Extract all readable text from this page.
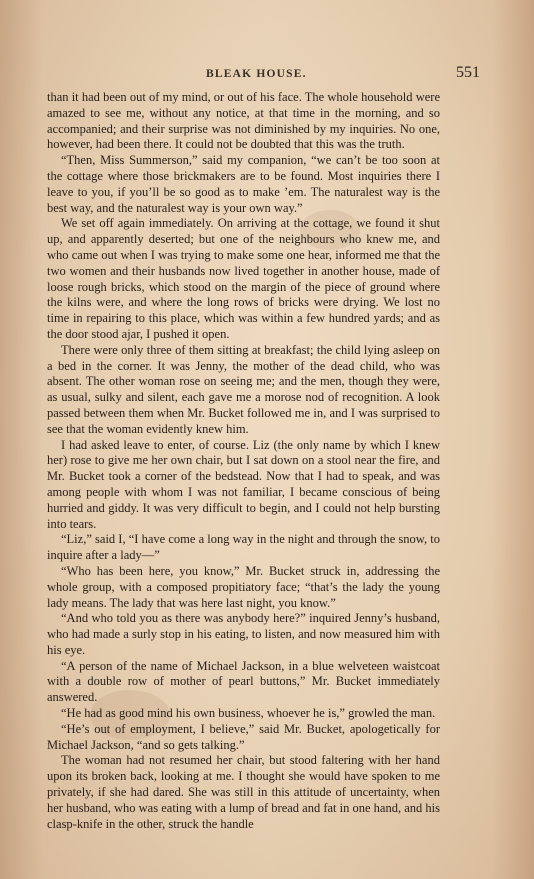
BLEAK HOUSE.	551

than it had been out of my mind, or out of his face. The whole household were amazed to see me, without any notice, at that time in the morning, and so accompanied; and their surprise was not diminished by my inquiries. No one, however, had been there. It could not be doubted that this was the truth.

“Then, Miss Summerson,” said my companion, “we can’t be too soon at the cottage where those brickmakers are to be found. Most inquiries there I leave to you, if you’ll be so good as to make ’em. The naturalest way is the best way, and the naturalest way is your own way.”

We set off again immediately. On arriving at the cottage, we found it shut up, and apparently deserted; but one of the neighbours who knew me, and who came out when I was trying to make some one hear, informed me that the two women and their husbands now lived together in another house, made of loose rough bricks, which stood on the margin of the piece of ground where the kilns were, and where the long rows of bricks were drying. We lost no time in repairing to this place, which was within a few hundred yards; and as the door stood ajar, I pushed it open.

There were only three of them sitting at breakfast; the child lying asleep on a bed in the corner. It was Jenny, the mother of the dead child, who was absent. The other woman rose on seeing me; and the men, though they were, as usual, sulky and silent, each gave me a morose nod of recognition. A look passed between them when Mr. Bucket followed me in, and I was surprised to see that the woman evidently knew him.

I had asked leave to enter, of course. Liz (the only name by which I knew her) rose to give me her own chair, but I sat down on a stool near the fire, and Mr. Bucket took a corner of the bedstead. Now that I had to speak, and was among people with whom I was not familiar, I became conscious of being hurried and giddy. It was very difficult to begin, and I could not help bursting into tears.

“Liz,” said I, “I have come a long way in the night and through the snow, to inquire after a lady—”

“Who has been here, you know,” Mr. Bucket struck in, addressing the whole group, with a composed propitiatory face; “that’s the lady the young lady means. The lady that was here last night, you know.”

“And who told you as there was anybody here?” inquired Jenny’s husband, who had made a surly stop in his eating, to listen, and now measured him with his eye.

“A person of the name of Michael Jackson, in a blue welveteen waistcoat with a double row of mother of pearl buttons,” Mr. Bucket immediately answered.

“He had as good mind his own business, whoever he is,” growled the man.

“He’s out of employment, I believe,” said Mr. Bucket, apologetically for Michael Jackson, “and so gets talking.”

The woman had not resumed her chair, but stood faltering with her hand upon its broken back, looking at me. I thought she would have spoken to me privately, if she had dared. She was still in this attitude of uncertainty, when her husband, who was eating with a lump of bread and fat in one hand, and his clasp-knife in the other, struck the handle
